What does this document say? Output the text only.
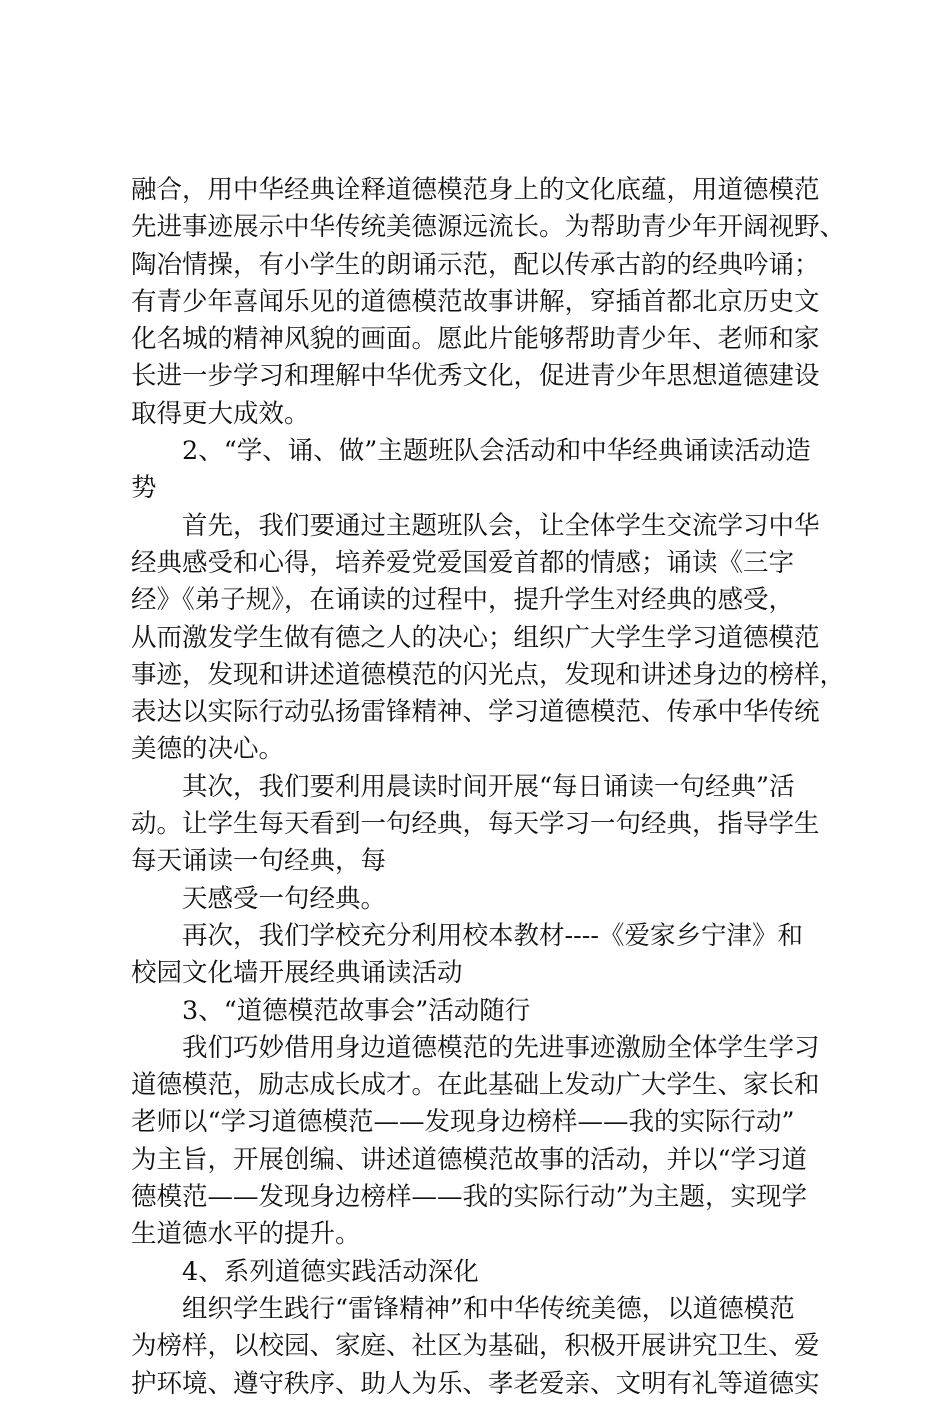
融合，用中华经典诠释道德模范身上的文化底蕴，用道德模范
先进事迹展示中华传统美德源远流长。为帮助青少年开阔视野、
陶冶情操，有小学生的朗诵示范，配以传承古韵的经典吟诵；
有青少年喜闻乐见的道德模范故事讲解，穿插首都北京历史文
化名城的精神风貌的画面。愿此片能够帮助青少年、老师和家
长进一步学习和理解中华优秀文化，促进青少年思想道德建设
取得更大成效。
2、“学、诵、做”主题班队会活动和中华经典诵读活动造
势
首先，我们要通过主题班队会，让全体学生交流学习中华
经典感受和心得，培养爱党爱国爱首都的情感；诵读《三字
经》《弟子规》，在诵读的过程中，提升学生对经典的感受，
从而激发学生做有德之人的决心；组织广大学生学习道德模范
事迹，发现和讲述道德模范的闪光点，发现和讲述身边的榜样，
表达以实际行动弘扬雷锋精神、学习道德模范、传承中华传统
美德的决心。
其次，我们要利用晨读时间开展“每日诵读一句经典”活
动。让学生每天看到一句经典，每天学习一句经典，指导学生
每天诵读一句经典，每
天感受一句经典。
再次，我们学校充分利用校本教材----《爱家乡宁津》和
校园文化墙开展经典诵读活动
3、“道德模范故事会”活动随行
我们巧妙借用身边道德模范的先进事迹激励全体学生学习
道德模范，励志成长成才。在此基础上发动广大学生、家长和
老师以“学习道德模范——发现身边榜样——我的实际行动”
为主旨，开展创编、讲述道德模范故事的活动，并以“学习道
德模范——发现身边榜样——我的实际行动”为主题，实现学
生道德水平的提升。
4、系列道德实践活动深化
组织学生践行“雷锋精神”和中华传统美德，以道德模范
为榜样，以校园、家庭、社区为基础，积极开展讲究卫生、爱
护环境、遵守秩序、助人为乐、孝老爱亲、文明有礼等道德实
